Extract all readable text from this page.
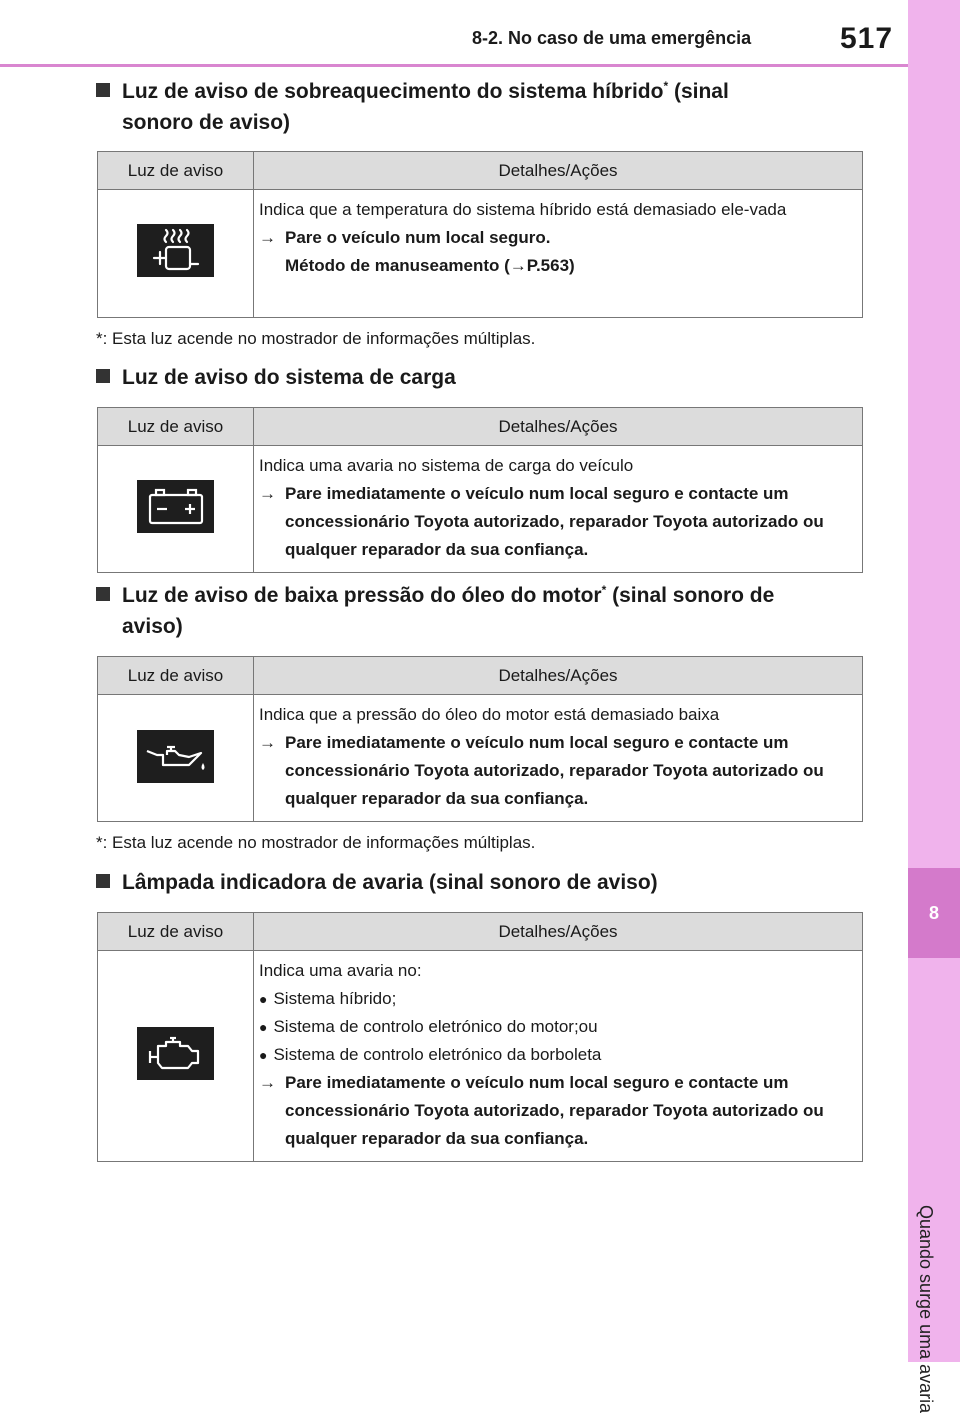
8-2. No caso de uma emergência	517
8
Quando surge uma avaria
Luz de aviso de sobreaquecimento do sistema híbrido* (sinal
sonoro de aviso)
Luz de aviso	Detalhes/Ações

Indica que a temperatura do sistema híbrido está demasiado ele-vada
→ Pare o veículo num local seguro.
Método de manuseamento (→P.563)
*: Esta luz acende no mostrador de informações múltiplas.
Luz de aviso do sistema de carga
Luz de aviso	Detalhes/Ações

Indica uma avaria no sistema de carga do veículo
→ Pare imediatamente o veículo num local seguro e contacte um concessionário Toyota autorizado, reparador Toyota autorizado ou qualquer reparador da sua confiança.
Luz de aviso de baixa pressão do óleo do motor* (sinal sonoro de
aviso)
Luz de aviso	Detalhes/Ações

Indica que a pressão do óleo do motor está demasiado baixa
→ Pare imediatamente o veículo num local seguro e contacte um concessionário Toyota autorizado, reparador Toyota autorizado ou qualquer reparador da sua confiança.
*: Esta luz acende no mostrador de informações múltiplas.
Lâmpada indicadora de avaria (sinal sonoro de aviso)
Luz de aviso	Detalhes/Ações

Indica uma avaria no:
● Sistema híbrido;
● Sistema de controlo eletrónico do motor;ou
● Sistema de controlo eletrónico da borboleta
→ Pare imediatamente o veículo num local seguro e contacte um concessionário Toyota autorizado, reparador Toyota autorizado ou qualquer reparador da sua confiança.
